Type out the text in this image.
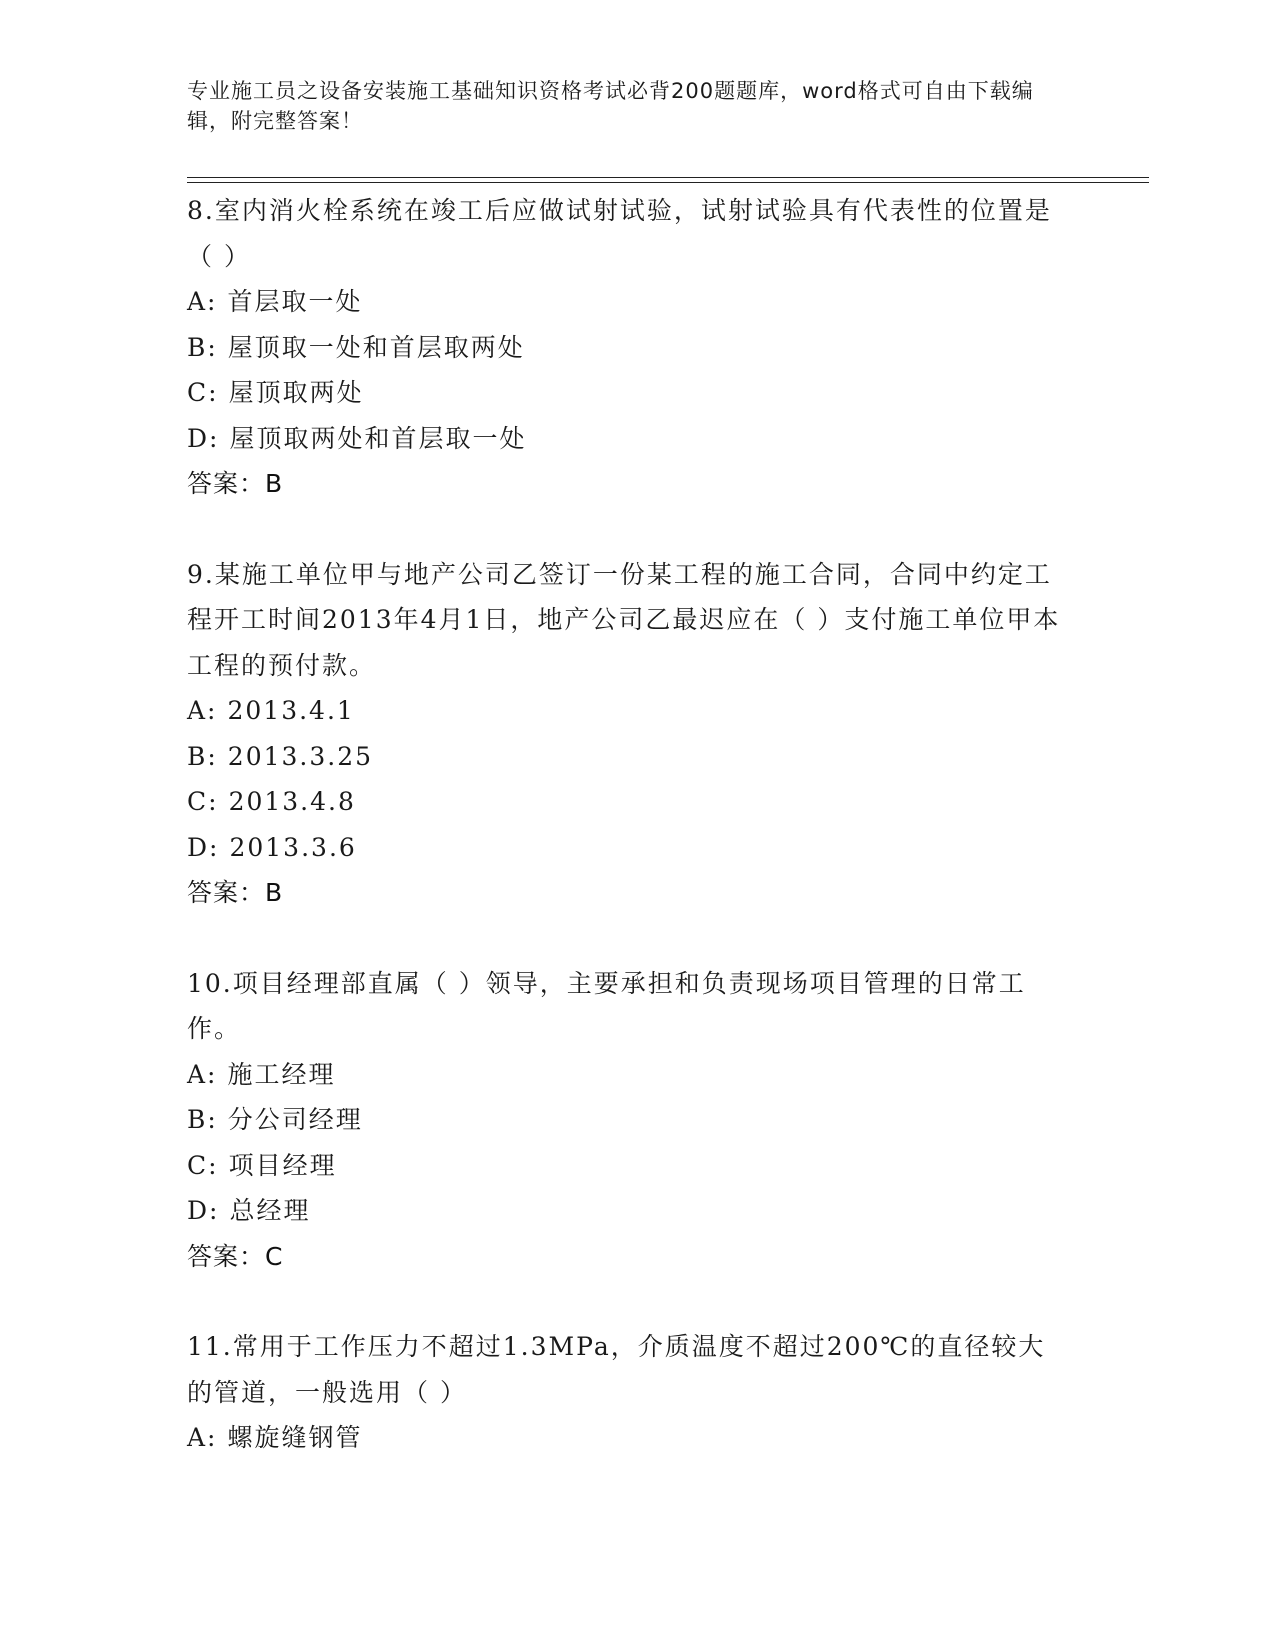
专业施工员之设备安装施工基础知识资格考试必背200题题库，word格式可自由下载编辑，附完整答案！
8.室内消火栓系统在竣工后应做试射试验，试射试验具有代表性的位置是（ ）
A: 首层取一处
B: 屋顶取一处和首层取两处
C: 屋顶取两处
D: 屋顶取两处和首层取一处
答案：B
9.某施工单位甲与地产公司乙签订一份某工程的施工合同，合同中约定工程开工时间2013年4月1日，地产公司乙最迟应在（ ）支付施工单位甲本工程的预付款。
A: 2013.4.1
B: 2013.3.25
C: 2013.4.8
D: 2013.3.6
答案：B
10.项目经理部直属（ ）领导，主要承担和负责现场项目管理的日常工作。
A: 施工经理
B: 分公司经理
C: 项目经理
D: 总经理
答案：C
11.常用于工作压力不超过1.3MPa，介质温度不超过200℃的直径较大的管道，一般选用（ ）
A: 螺旋缝钢管
